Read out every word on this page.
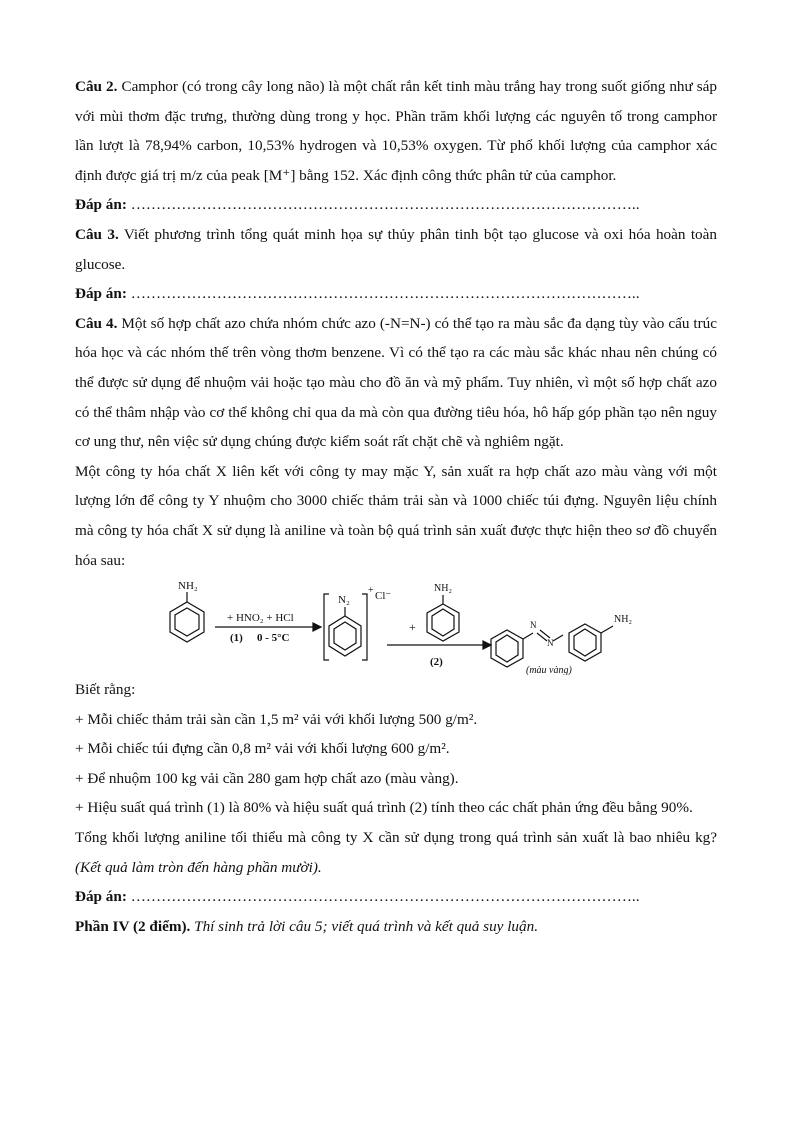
Câu 2. Camphor (có trong cây long não) là một chất rắn kết tinh màu trắng hay trong suốt giống như sáp với mùi thơm đặc trưng, thường dùng trong y học. Phần trăm khối lượng các nguyên tố trong camphor lần lượt là 78,94% carbon, 10,53% hydrogen và 10,53% oxygen. Từ phổ khối lượng của camphor xác định được giá trị m/z của peak [M⁺] bằng 152. Xác định công thức phân tử của camphor.

Đáp án: ………………………………………………………………………………………..

Câu 3. Viết phương trình tổng quát minh họa sự thủy phân tinh bột tạo glucose và oxi hóa hoàn toàn glucose.

Đáp án: ………………………………………………………………………………………..

Câu 4. Một số hợp chất azo chứa nhóm chức azo (-N=N-) có thể tạo ra màu sắc đa dạng tùy vào cấu trúc hóa học và các nhóm thế trên vòng thơm benzene. Vì có thể tạo ra các màu sắc khác nhau nên chúng có thể được sử dụng để nhuộm vải hoặc tạo màu cho đồ ăn và mỹ phẩm. Tuy nhiên, vì một số hợp chất azo có thể thâm nhập vào cơ thể không chỉ qua da mà còn qua đường tiêu hóa, hô hấp góp phần tạo nên nguy cơ ung thư, nên việc sử dụng chúng được kiểm soát rất chặt chẽ và nghiêm ngặt.

Một công ty hóa chất X liên kết với công ty may mặc Y, sản xuất ra hợp chất azo màu vàng với một lượng lớn để công ty Y nhuộm cho 3000 chiếc thảm trải sàn và 1000 chiếc túi đựng. Nguyên liệu chính mà công ty hóa chất X sử dụng là aniline và toàn bộ quá trình sản xuất được thực hiện theo sơ đồ chuyển hóa sau:

NH₂
+ HNO₂ + HCl
(1) 0 - 5°C
N₂
+ Cl⁻
NH₂
+
(2)
N
N
NH₂
(màu vàng)

Biết rằng:

+ Mỗi chiếc thảm trải sàn cần 1,5 m² vải với khối lượng 500 g/m².

+ Mỗi chiếc túi đựng cần 0,8 m² vải với khối lượng 600 g/m².

+ Để nhuộm 100 kg vải cần 280 gam hợp chất azo (màu vàng).

+ Hiệu suất quá trình (1) là 80% và hiệu suất quá trình (2) tính theo các chất phản ứng đều bằng 90%.

Tổng khối lượng aniline tối thiểu mà công ty X cần sử dụng trong quá trình sản xuất là bao nhiêu kg? (Kết quả làm tròn đến hàng phần mười).

Đáp án: ………………………………………………………………………………………..

Phần IV (2 điểm). Thí sinh trả lời câu 5; viết quá trình và kết quả suy luận.
